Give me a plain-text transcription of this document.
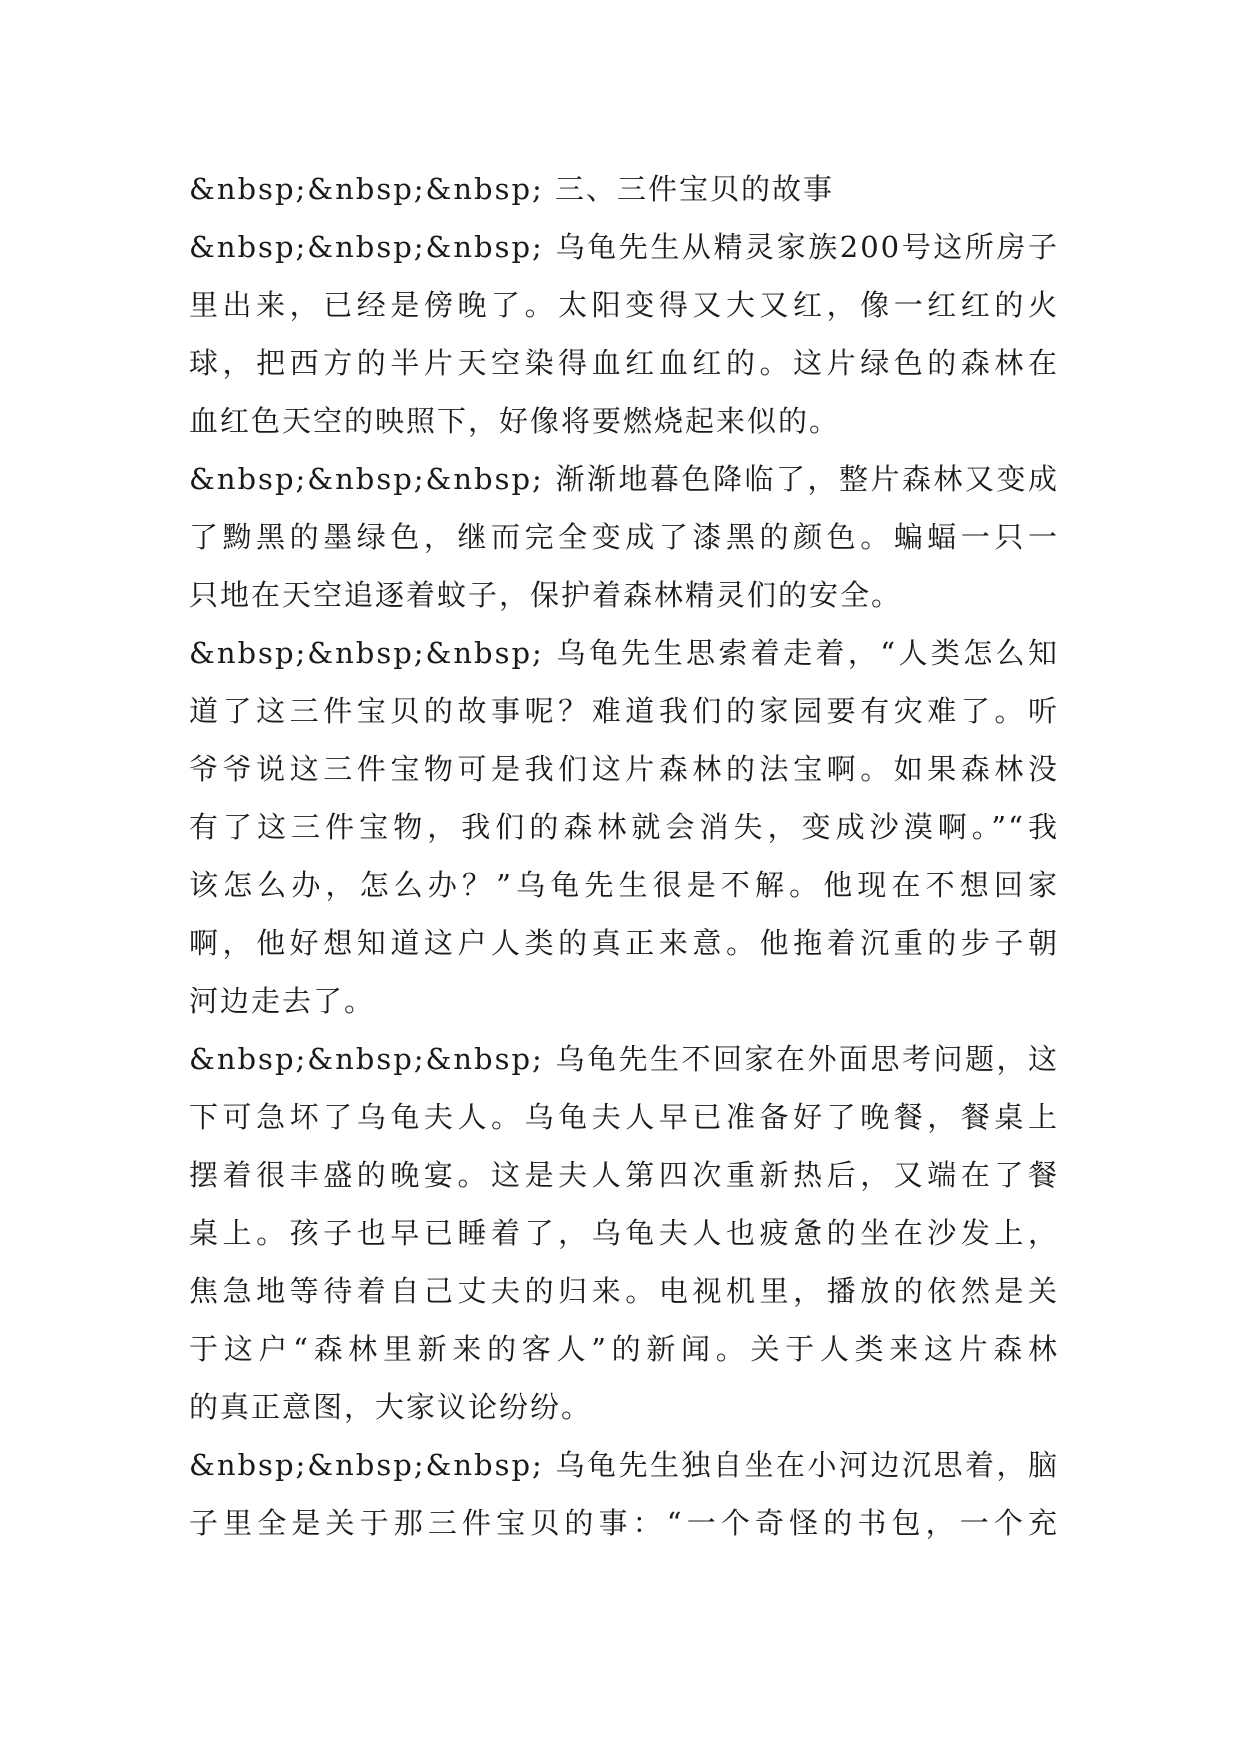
&nbsp;&nbsp;&nbsp; 三、三件宝贝的故事
&nbsp;&nbsp;&nbsp; 乌龟先生从精灵家族200号这所房子
里出来，已经是傍晚了。太阳变得又大又红，像一红红的火
球，把西方的半片天空染得血红血红的。这片绿色的森林在
血红色天空的映照下，好像将要燃烧起来似的。
&nbsp;&nbsp;&nbsp; 渐渐地暮色降临了，整片森林又变成
了黝黑的墨绿色，继而完全变成了漆黑的颜色。蝙蝠一只一
只地在天空追逐着蚊子，保护着森林精灵们的安全。
&nbsp;&nbsp;&nbsp; 乌龟先生思索着走着，“人类怎么知
道了这三件宝贝的故事呢？难道我们的家园要有灾难了。听
爷爷说这三件宝物可是我们这片森林的法宝啊。如果森林没
有了这三件宝物，我们的森林就会消失，变成沙漠啊。”“我
该怎么办，怎么办？”乌龟先生很是不解。他现在不想回家
啊，他好想知道这户人类的真正来意。他拖着沉重的步子朝
河边走去了。
&nbsp;&nbsp;&nbsp; 乌龟先生不回家在外面思考问题，这
下可急坏了乌龟夫人。乌龟夫人早已准备好了晚餐，餐桌上
摆着很丰盛的晚宴。这是夫人第四次重新热后，又端在了餐
桌上。孩子也早已睡着了，乌龟夫人也疲惫的坐在沙发上，
焦急地等待着自己丈夫的归来。电视机里，播放的依然是关
于这户“森林里新来的客人”的新闻。关于人类来这片森林
的真正意图，大家议论纷纷。
&nbsp;&nbsp;&nbsp; 乌龟先生独自坐在小河边沉思着，脑
子里全是关于那三件宝贝的事：“一个奇怪的书包，一个充
